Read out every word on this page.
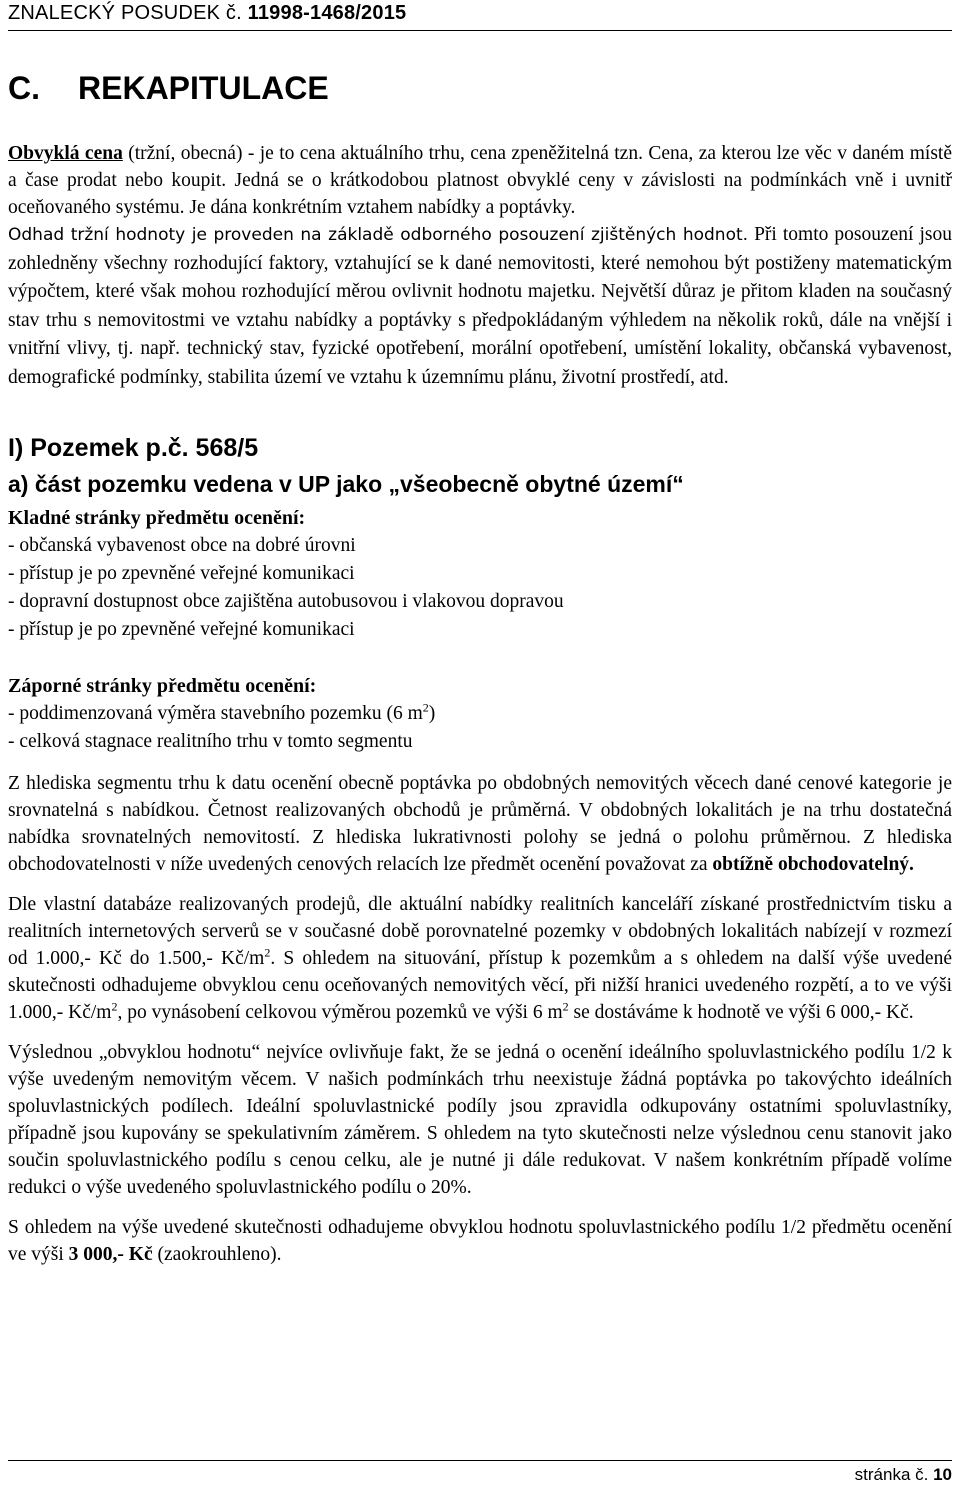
ZNALECKÝ POSUDEK č. 11998-1468/2015
C. REKAPITULACE

Obvyklá cena (tržní, obecná) - je to cena aktuálního trhu, cena zpeněžitelná tzn. Cena, za kterou lze věc v daném místě a čase prodat nebo koupit. Jedná se o krátkodobou platnost obvyklé ceny v závislosti na podmínkách vně i uvnitř oceňovaného systému. Je dána konkrétním vztahem nabídky a poptávky.

Odhad tržní hodnoty je proveden na základě odborného posouzení zjištěných hodnot. Při tomto posouzení jsou zohledněny všechny rozhodující faktory, vztahující se k dané nemovitosti, které nemohou být postiženy matematickým výpočtem, které však mohou rozhodující měrou ovlivnit hodnotu majetku. Největší důraz je přitom kladen na současný stav trhu s nemovitostmi ve vztahu nabídky a poptávky s předpokládaným výhledem na několik roků, dále na vnější i vnitřní vlivy, tj. např. technický stav, fyzické opotřebení, morální opotřebení, umístění lokality, občanská vybavenost, demografické podmínky, stabilita území ve vztahu k územnímu plánu, životní prostředí, atd.

I) Pozemek p.č. 568/5
a) část pozemku vedena v UP jako „všeobecně obytné území“

Kladné stránky předmětu ocenění:

- občanská vybavenost obce na dobré úrovni
- přístup je po zpevněné veřejné komunikaci
- dopravní dostupnost obce zajištěna autobusovou i vlakovou dopravou
- přístup je po zpevněné veřejné komunikaci

Záporné stránky předmětu ocenění:

- poddimenzovaná výměra stavebního pozemku (6 $m^2$)
- celková stagnace realitního trhu v tomto segmentu

Z hlediska segmentu trhu k datu ocenění obecně poptávka po obdobných nemovitých věcech dané cenové kategorie je srovnatelná s nabídkou. Četnost realizovaných obchodů je průměrná. V obdobných lokalitách je na trhu dostatečná nabídka srovnatelných nemovitostí. Z hlediska lukrativnosti polohy se jedná o polohu průměrnou. Z hlediska obchodovatelnosti v níže uvedených cenových relacích lze předmět ocenění považovat za obtížně obchodovatelný.

Dle vlastní databáze realizovaných prodejů, dle aktuální nabídky realitních kanceláří získané prostřednictvím tisku a realitních internetových serverů se v současné době porovnatelné pozemky v obdobných lokalitách nabízejí v rozmezí od 1.000,- Kč do 1.500,- $Kč/m^2$. S ohledem na situování, přístup k pozemkům a s ohledem na další výše uvedené skutečnosti odhadujeme obvyklou cenu oceňovaných nemovitých věcí, při nižší hranici uvedeného rozpětí, a to ve výši 1.000,- $Kč/m^2$, po vynásobení celkovou výměrou pozemků ve výši 6 $m^2$ se dostáváme k hodnotě ve výši 6 000,- Kč.

Výslednou „obvyklou hodnotu“ nejvíce ovlivňuje fakt, že se jedná o ocenění ideálního spoluvlastnického podílu 1/2 k výše uvedeným nemovitým věcem. V našich podmínkách trhu neexistuje žádná poptávka po takovýchto ideálních spoluvlastnických podílech. Ideální spoluvlastnické podíly jsou zpravidla odkupovány ostatními spoluvlastníky, případně jsou kupovány se spekulativním záměrem. S ohledem na tyto skutečnosti nelze výslednou cenu stanovit jako součin spoluvlastnického podílu s cenou celku, ale je nutné ji dále redukovat. V našem konkrétním případě volíme redukci o výše uvedeného spoluvlastnického podílu o 20%.

S ohledem na výše uvedené skutečnosti odhadujeme obvyklou hodnotu spoluvlastnického podílu 1/2 předmětu ocenění ve výši 3 000,- Kč (zaokrouhleno).

stránka č. 10
